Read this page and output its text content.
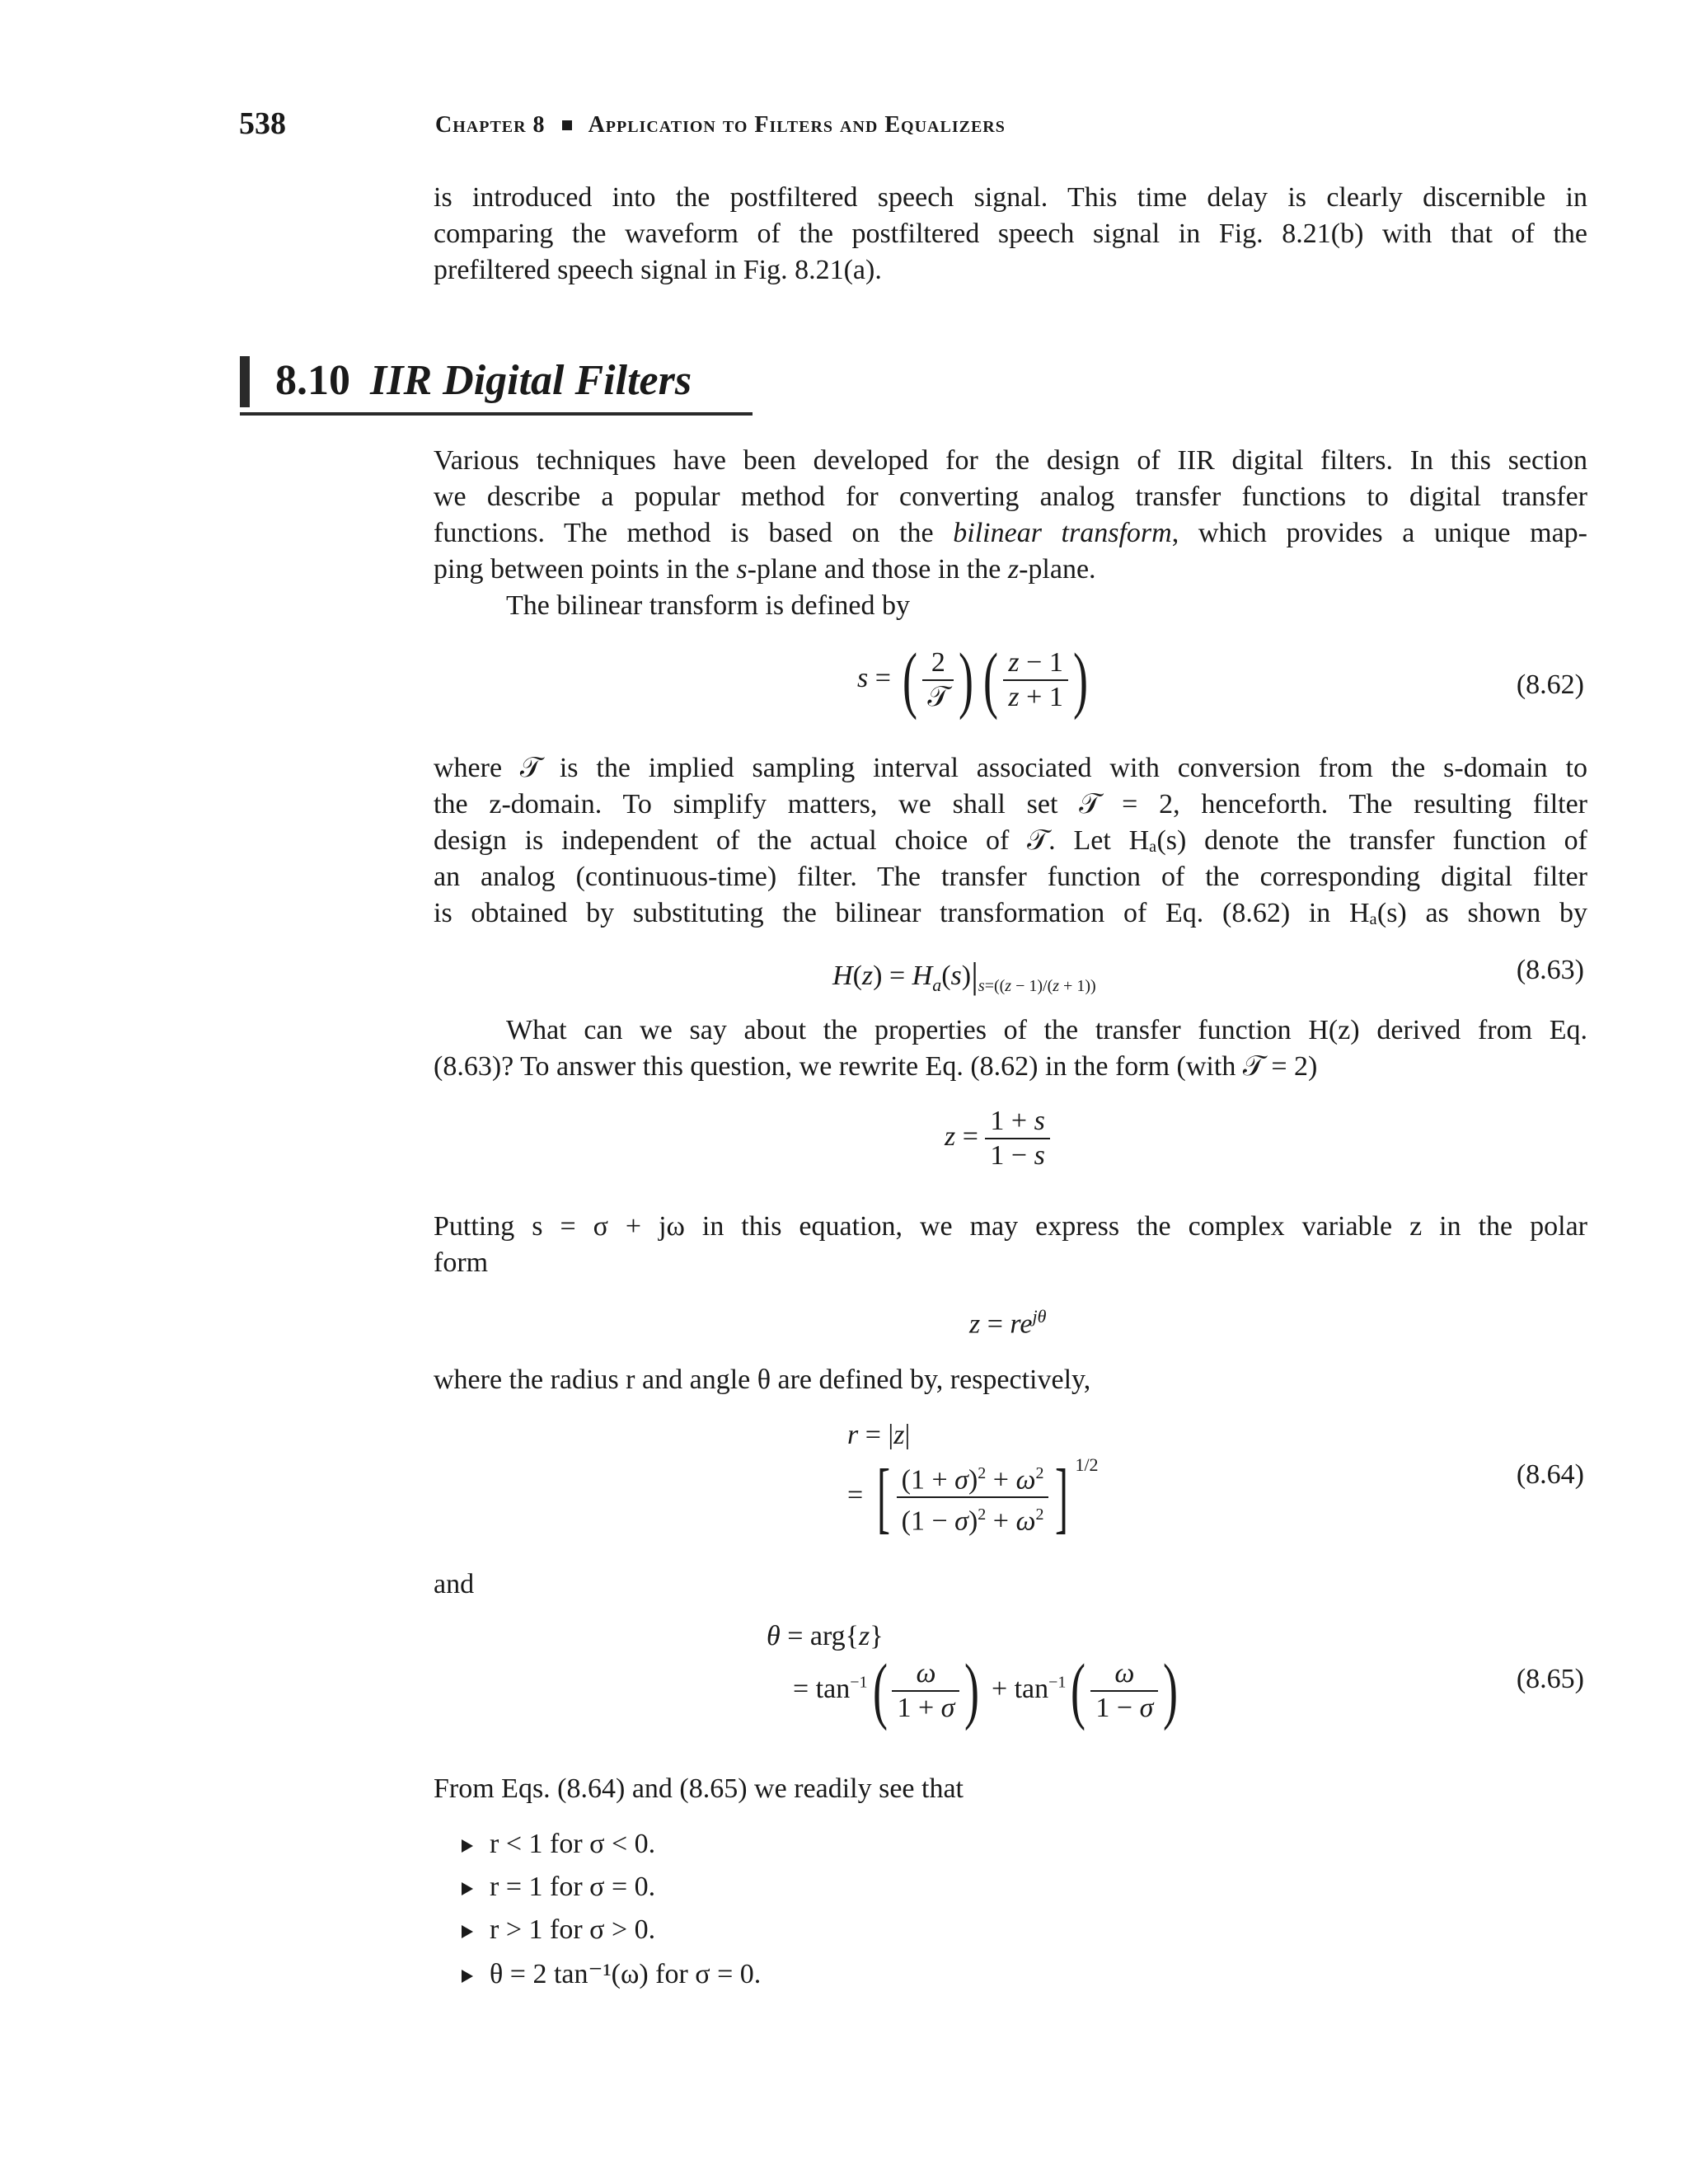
538	Chapter 8 Application to Filters and Equalizers
is introduced into the postfiltered speech signal. This time delay is clearly discernible in
comparing the waveform of the postfiltered speech signal in Fig. 8.21(b) with that of the
prefiltered speech signal in Fig. 8.21(a).
8.10 IIR Digital Filters
Various techniques have been developed for the design of IIR digital filters. In this section
we describe a popular method for converting analog transfer functions to digital transfer
functions. The method is based on the bilinear transform, which provides a unique map-
ping between points in the s-plane and those in the z-plane.
The bilinear transform is defined by
s = ( $\frac{2}{\text{𝒯}}$ ) ( $\frac{z - 1}{z + 1}$ )	(8.62)
where 𝒯 is the implied sampling interval associated with conversion from the s-domain to
the z-domain. To simplify matters, we shall set 𝒯 = 2, henceforth. The resulting filter
design is independent of the actual choice of 𝒯. Let Hₐ(s) denote the transfer function of
an analog (continuous-time) filter. The transfer function of the corresponding digital filter
is obtained by substituting the bilinear transformation of Eq. (8.62) in Hₐ(s) as shown by
$H(z) = H_a(s)|_{s=((z - 1)/(z + 1))}$
(8.63)
What can we say about the properties of the transfer function H(z) derived from Eq.
(8.63)? To answer this question, we rewrite Eq. (8.62) in the form (with 𝒯 = 2)
$z = \frac{1 + s}{1 - s}$
Putting s = σ + jω in this equation, we may express the complex variable z in the polar
form
$z = re^{j\theta}$
where the radius r and angle θ are defined by, respectively,
r = |z|
= [ $\frac{(1 + \sigma)^2 + \omega^2}{(1 - \sigma)^2 + \omega^2}$ ] $^{1/2}$	(8.64)
and
θ = arg{z}
= $\tan^{-1}( \frac{\omega}{1 + \sigma}$ ) + $\tan^{-1}( \frac{\omega}{1 - \sigma}$ )	(8.65)
From Eqs. (8.64) and (8.65) we readily see that
r < 1 for σ < 0.
r = 1 for σ = 0.
r > 1 for σ > 0.
θ = 2 tan⁻¹(ω) for σ = 0.
